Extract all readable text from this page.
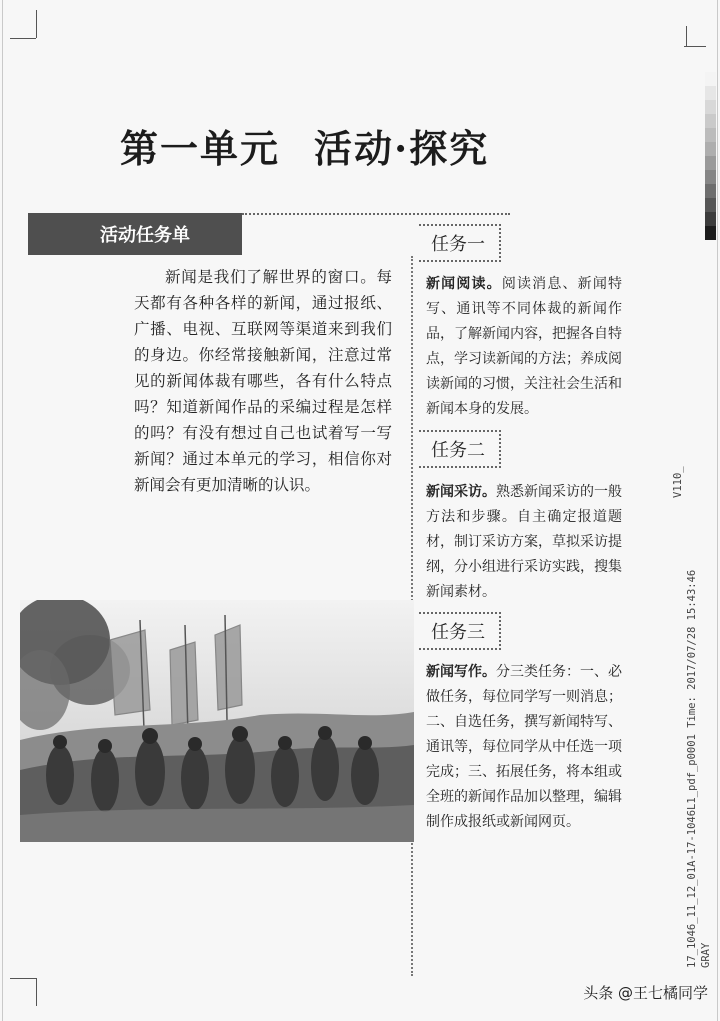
第一单元 活动·探究
活动任务单
新闻是我们了解世界的窗口。每天都有各种各样的新闻，通过报纸、广播、电视、互联网等渠道来到我们的身边。你经常接触新闻，注意过常见的新闻体裁有哪些，各有什么特点吗？知道新闻作品的采编过程是怎样的吗？有没有想过自己也试着写一写新闻？通过本单元的学习，相信你对新闻会有更加清晰的认识。
任务一
新闻阅读。阅读消息、新闻特写、通讯等不同体裁的新闻作品，了解新闻内容，把握各自特点，学习读新闻的方法；养成阅读新闻的习惯，关注社会生活和新闻本身的发展。
任务二
新闻采访。熟悉新闻采访的一般方法和步骤。自主确定报道题材，制订采访方案，草拟采访提纲，分小组进行采访实践，搜集新闻素材。
任务三
新闻写作。分三类任务：一、必做任务，每位同学写一则消息；二、自选任务，撰写新闻特写、通讯等，每位同学从中任选一项完成；三、拓展任务，将本组或全班的新闻作品加以整理，编辑制作成报纸或新闻网页。
V110_
17_1046_11_12_01A-17-1046L1_pdf_p0001 Time: 2017/07/28 15:43:46 GRAY
头条 @王七橘同学
